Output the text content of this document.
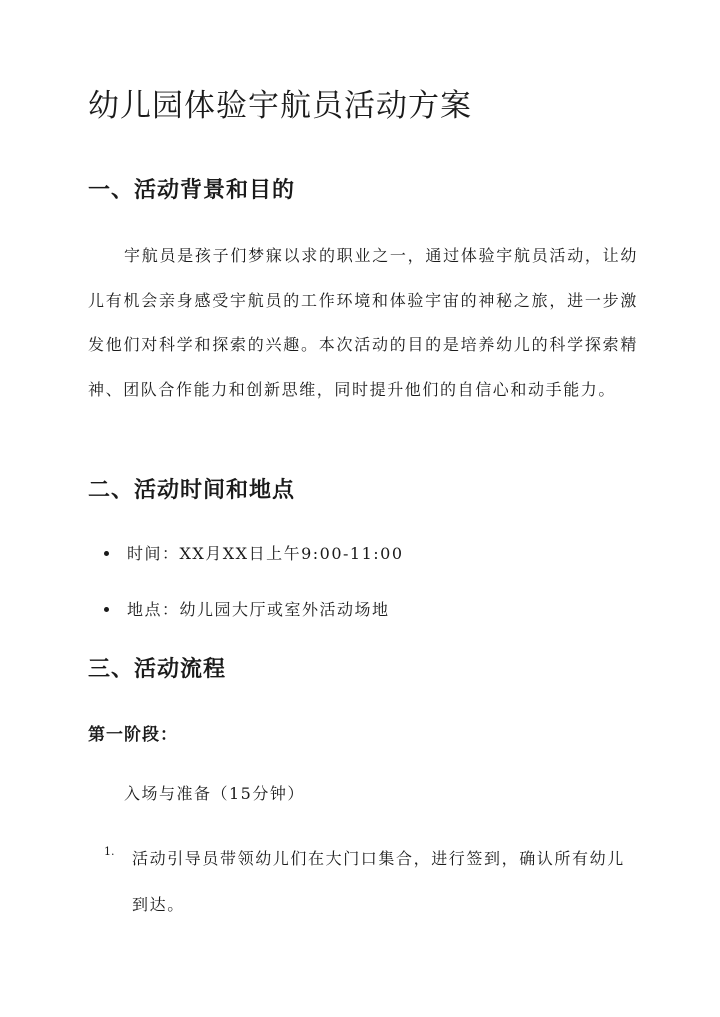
幼儿园体验宇航员活动方案
一、活动背景和目的

宇航员是孩子们梦寐以求的职业之一，通过体验宇航员活动，让幼儿有机会亲身感受宇航员的工作环境和体验宇宙的神秘之旅，进一步激发他们对科学和探索的兴趣。本次活动的目的是培养幼儿的科学探索精神、团队合作能力和创新思维，同时提升他们的自信心和动手能力。

二、活动时间和地点
时间：XX月XX日上午9:00-11:00
地点：幼儿园大厅或室外活动场地
三、活动流程
第一阶段：

入场与准备（15分钟）

1. 活动引导员带领幼儿们在大门口集合，进行签到，确认所有幼儿到达。
